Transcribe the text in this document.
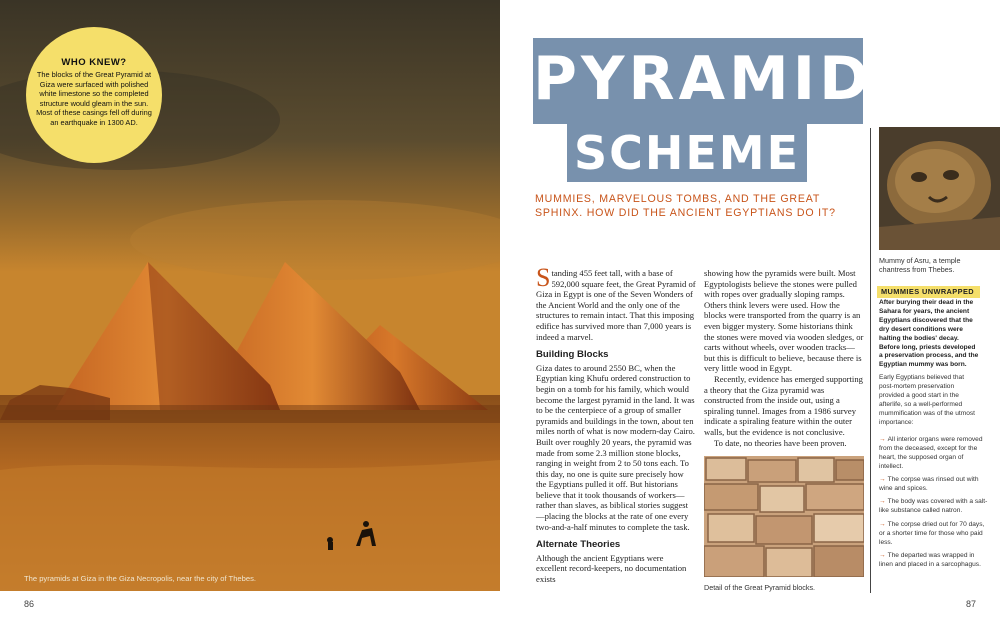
WHO KNEW?
The blocks of the Great Pyramid at Giza were surfaced with polished white limestone so the completed structure would gleam in the sun. Most of these casings fell off during an earthquake in 1300 AD.
The pyramids at Giza in the Giza Necropolis, near the city of Thebes.
86
PYRAMID
SCHEME
MUMMIES, MARVELOUS TOMBS, AND THE GREAT SPHINX. HOW DID THE ANCIENT EGYPTIANS DO IT?

Standing 455 feet tall, with a base of 592,000 square feet, the Great Pyramid of Giza in Egypt is one of the Seven Wonders of the Ancient World and the only one of the structures to remain intact. That this imposing edifice has survived more than 7,000 years is indeed a marvel.

Building Blocks

Giza dates to around 2550 BC, when the Egyptian king Khufu ordered construction to begin on a tomb for his family, which would become the largest pyramid in the land. It was to be the centerpiece of a group of smaller pyramids and buildings in the town, about ten miles north of what is now modern-day Cairo. Built over roughly 20 years, the pyramid was made from some 2.3 million stone blocks, ranging in weight from 2 to 50 tons each. To this day, no one is quite sure precisely how the Egyptians pulled it off. But historians believe that it took thousands of workers—rather than slaves, as biblical stories suggest—placing the blocks at the rate of one every two-and-a-half minutes to complete the task.

Alternate Theories

Although the ancient Egyptians were excellent record-keepers, no documentation exists

showing how the pyramids were built. Most Egyptologists believe the stones were pulled with ropes over gradually sloping ramps. Others think levers were used. How the blocks were transported from the quarry is an even bigger mystery. Some historians think the stones were moved via wooden sledges, or carts without wheels, over wooden tracks—but this is difficult to believe, because there is very little wood in Egypt.

Recently, evidence has emerged supporting a theory that the Giza pyramid was constructed from the inside out, using a spiraling tunnel. Images from a 1986 survey indicate a spiraling feature within the outer walls, but the evidence is not conclusive.

To date, no theories have been proven.

Detail of the Great Pyramid blocks.
Mummy of Asru, a temple chantress from Thebes.
MUMMIES UNWRAPPED
After burying their dead in the Sahara for years, the ancient Egyptians discovered that the dry desert conditions were halting the bodies' decay. Before long, priests developed a preservation process, and the Egyptian mummy was born.
Early Egyptians believed that post-mortem preservation provided a good start in the afterlife, so a well-performed mummification was of the utmost importance:
→ All interior organs were removed from the deceased, except for the heart, the supposed organ of intellect.
→ The corpse was rinsed out with wine and spices.
→ The body was covered with a salt-like substance called natron.
→ The corpse dried out for 70 days, or a shorter time for those who paid less.
→ The departed was wrapped in linen and placed in a sarcophagus.
87
